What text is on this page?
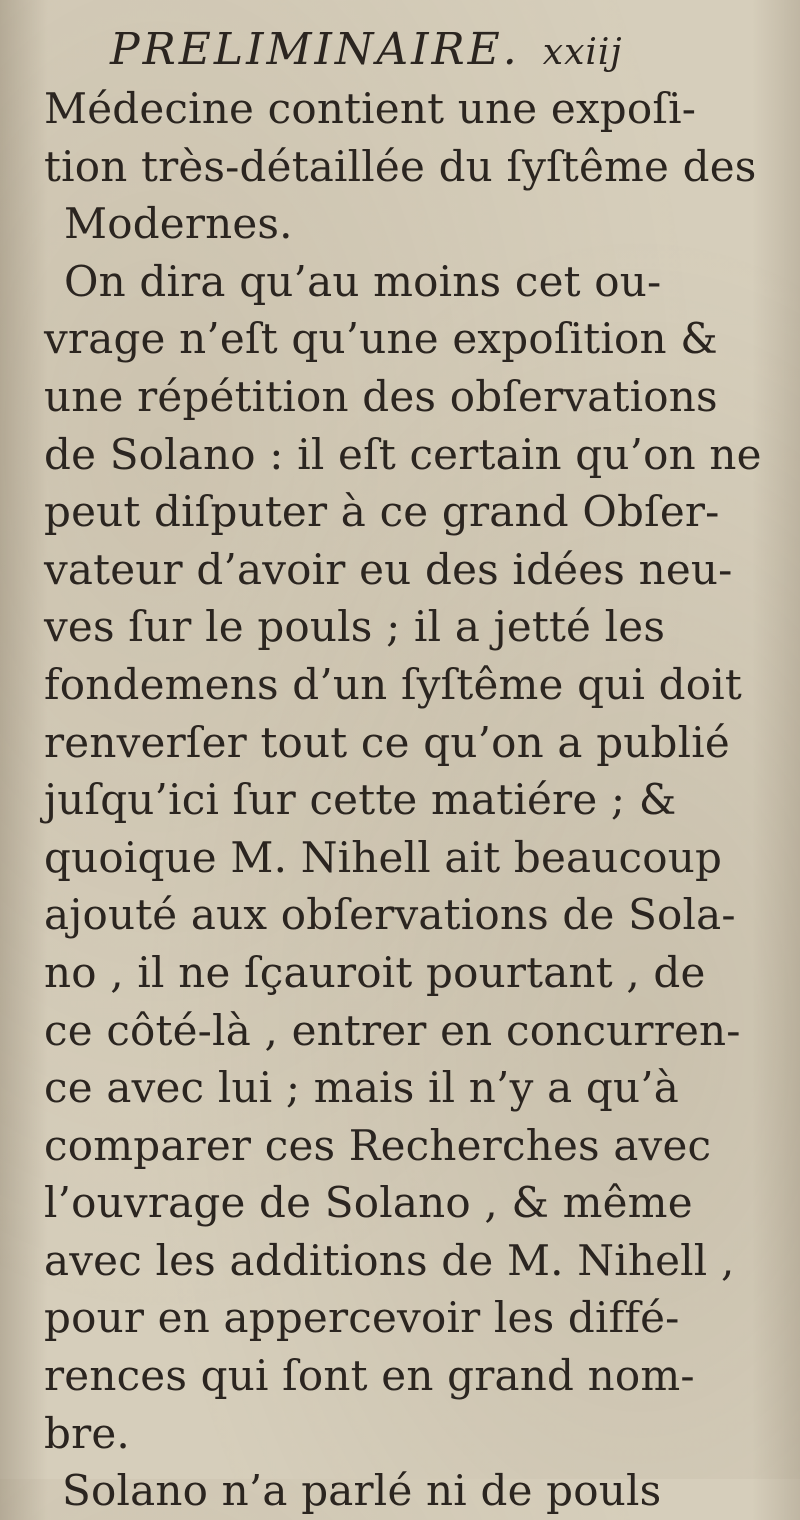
PRELIMINAIRE. xxiij
Médecine contient une expoſi-
tion très-détaillée du ſyſtême des
Modernes.
On dira qu’au moins cet ou-
vrage n’eſt qu’une expoſition &
une répétition des obſervations
de Solano : il eſt certain qu’on ne
peut diſputer à ce grand Obſer-
vateur d’avoir eu des idées neu-
ves ſur le pouls ; il a jetté les
fondemens d’un ſyſtême qui doit
renverſer tout ce qu’on a publié
juſqu’ici ſur cette matiére ; &
quoique M. Nihell ait beaucoup
ajouté aux obſervations de Sola-
no , il ne ſçauroit pourtant , de
ce côté-là , entrer en concurren-
ce avec lui ; mais il n’y a qu’à
comparer ces Recherches avec
l’ouvrage de Solano , & même
avec les additions de M. Nihell ,
pour en appercevoir les diffé-
rences qui ſont en grand nom-
bre.
Solano n’a parlé ni de pouls
